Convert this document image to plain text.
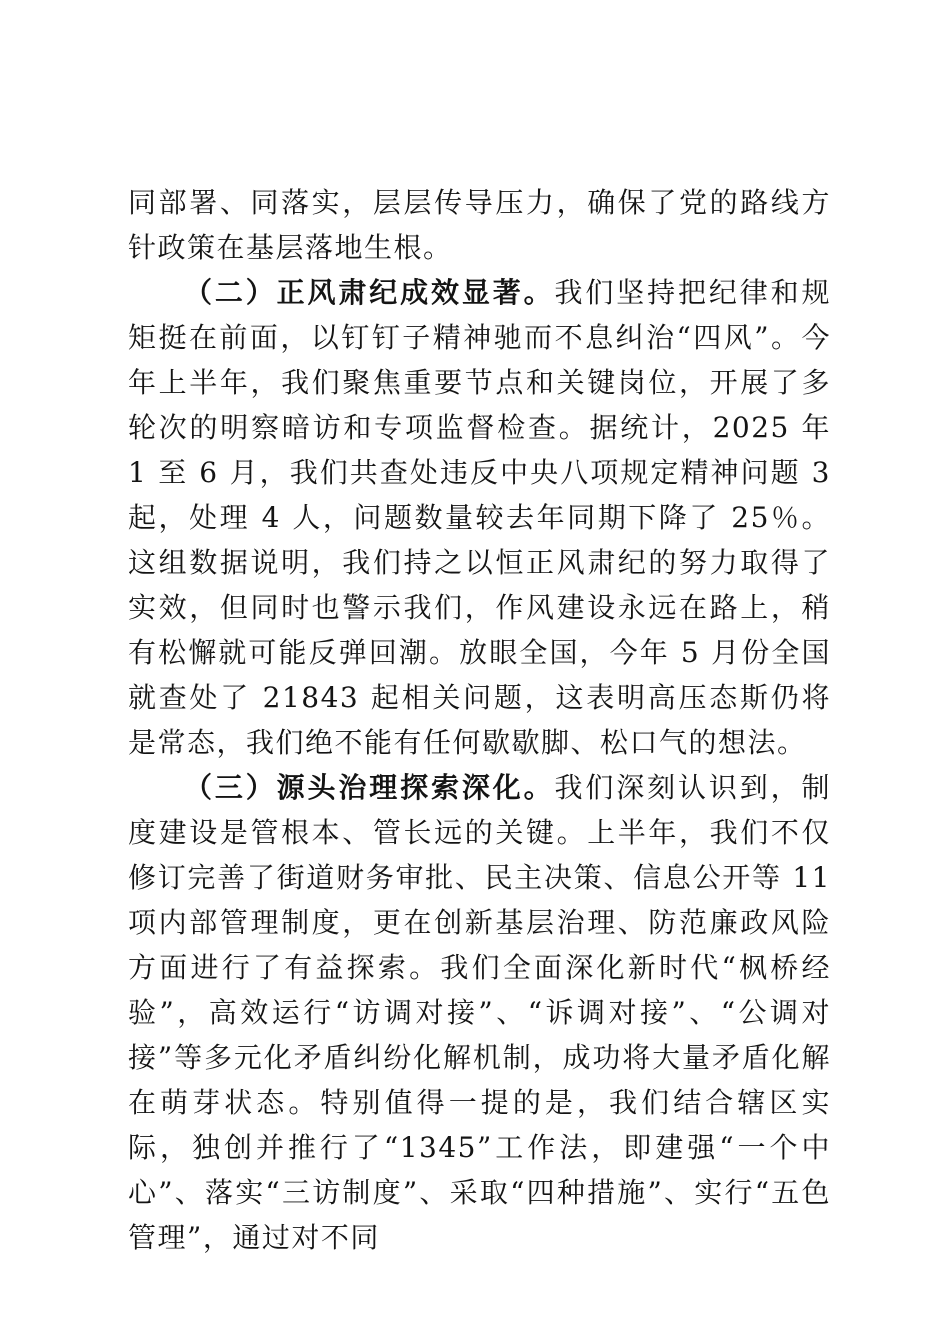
同部署、同落实，层层传导压力，确保了党的路线方针政策在基层落地生根。

（二）正风肃纪成效显著。我们坚持把纪律和规矩挺在前面，以钉钉子精神驰而不息纠治“四风”。今年上半年，我们聚焦重要节点和关键岗位，开展了多轮次的明察暗访和专项监督检查。据统计，2025 年 1 至 6 月，我们共查处违反中央八项规定精神问题 3 起，处理 4 人，问题数量较去年同期下降了 25％。这组数据说明，我们持之以恒正风肃纪的努力取得了实效，但同时也警示我们，作风建设永远在路上，稍有松懈就可能反弹回潮。放眼全国，今年 5 月份全国就查处了 21843 起相关问题，这表明高压态斯仍将是常态，我们绝不能有任何歇歇脚、松口气的想法。

（三）源头治理探索深化。我们深刻认识到，制度建设是管根本、管长远的关键。上半年，我们不仅修订完善了街道财务审批、民主决策、信息公开等 11 项内部管理制度，更在创新基层治理、防范廉政风险方面进行了有益探索。我们全面深化新时代“枫桥经验”，高效运行“访调对接”、“诉调对接”、“公调对接”等多元化矛盾纠纷化解机制，成功将大量矛盾化解在萌芽状态。特别值得一提的是，我们结合辖区实际，独创并推行了“1345”工作法，即建强“一个中心”、落实“三访制度”、采取“四种措施”、实行“五色管理”，通过对不同
